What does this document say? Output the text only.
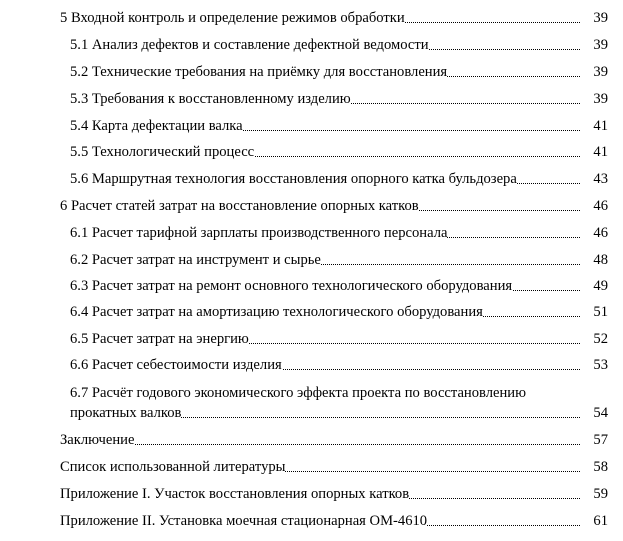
5 Входной контроль и определение режимов обработки	39
5.1 Анализ дефектов и составление дефектной ведомости	39
5.2 Технические требования на приёмку для восстановления	39
5.3 Требования к восстановленному изделию	39
5.4 Карта дефектации валка	41
5.5 Технологический процесс	41
5.6 Маршрутная технология восстановления опорного катка бульдозера	43
6 Расчет статей затрат на восстановление опорных катков	46
6.1 Расчет тарифной зарплаты производственного персонала	46
6.2 Расчет затрат на инструмент и сырье	48
6.3 Расчет затрат на ремонт основного технологического оборудования	49
6.4 Расчет затрат на амортизацию технологического оборудования	51
6.5 Расчет затрат на энергию	52
6.6 Расчет себестоимости изделия	53
6.7 Расчёт годового экономического эффекта проекта по восстановлению
прокатных валков	54
Заключение	57
Список использованной литературы	58
Приложение I. Участок восстановления опорных катков	59
Приложение II. Установка моечная стационарная ОМ-4610	61
